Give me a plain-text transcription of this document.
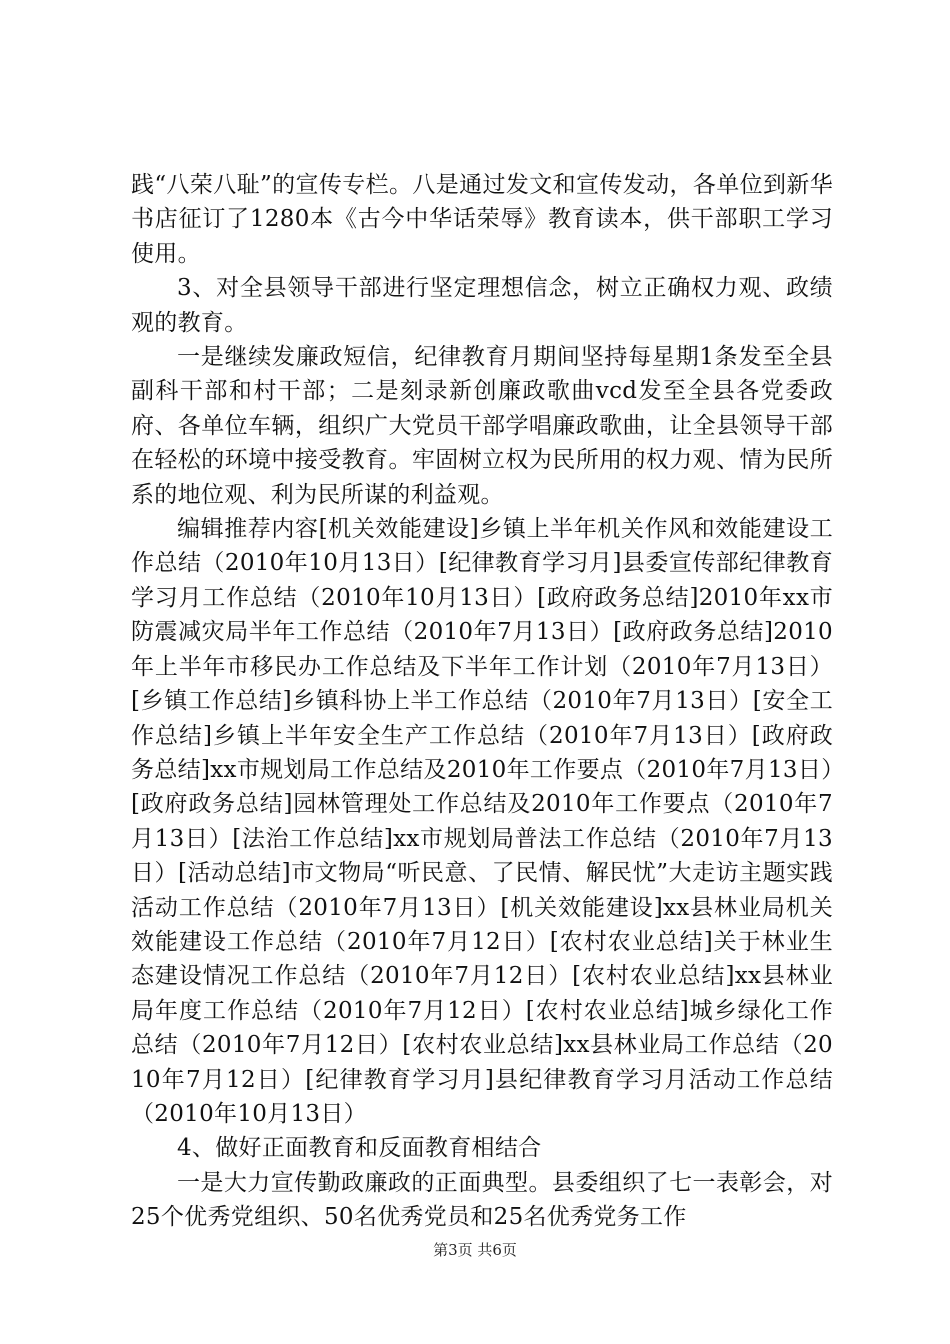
践“八荣八耻”的宣传专栏。八是通过发文和宣传发动，各单位到新华书店征订了1280本《古今中华话荣辱》教育读本，供干部职工学习使用。

3、对全县领导干部进行坚定理想信念，树立正确权力观、政绩观的教育。

一是继续发廉政短信，纪律教育月期间坚持每星期1条发至全县副科干部和村干部；二是刻录新创廉政歌曲vcd发至全县各党委政府、各单位车辆，组织广大党员干部学唱廉政歌曲，让全县领导干部在轻松的环境中接受教育。牢固树立权为民所用的权力观、情为民所系的地位观、利为民所谋的利益观。

编辑推荐内容[机关效能建设]乡镇上半年机关作风和效能建设工作总结（2010年10月13日）[纪律教育学习月]县委宣传部纪律教育学习月工作总结（2010年10月13日）[政府政务总结]2010年xx市防震减灾局半年工作总结（2010年7月13日）[政府政务总结]2010年上半年市移民办工作总结及下半年工作计划（2010年7月13日）[乡镇工作总结]乡镇科协上半工作总结（2010年7月13日）[安全工作总结]乡镇上半年安全生产工作总结（2010年7月13日）[政府政务总结]xx市规划局工作总结及2010年工作要点（2010年7月13日）[政府政务总结]园林管理处工作总结及2010年工作要点（2010年7月13日）[法治工作总结]xx市规划局普法工作总结（2010年7月13日）[活动总结]市文物局“听民意、了民情、解民忧”大走访主题实践活动工作总结（2010年7月13日）[机关效能建设]xx县林业局机关效能建设工作总结（2010年7月12日）[农村农业总结]关于林业生态建设情况工作总结（2010年7月12日）[农村农业总结]xx县林业局年度工作总结（2010年7月12日）[农村农业总结]城乡绿化工作总结（2010年7月12日）[农村农业总结]xx县林业局工作总结（2010年7月12日）[纪律教育学习月]县纪律教育学习月活动工作总结（2010年10月13日）

4、做好正面教育和反面教育相结合

一是大力宣传勤政廉政的正面典型。县委组织了七一表彰会，对25个优秀党组织、50名优秀党员和25名优秀党务工作

第3页 共6页
